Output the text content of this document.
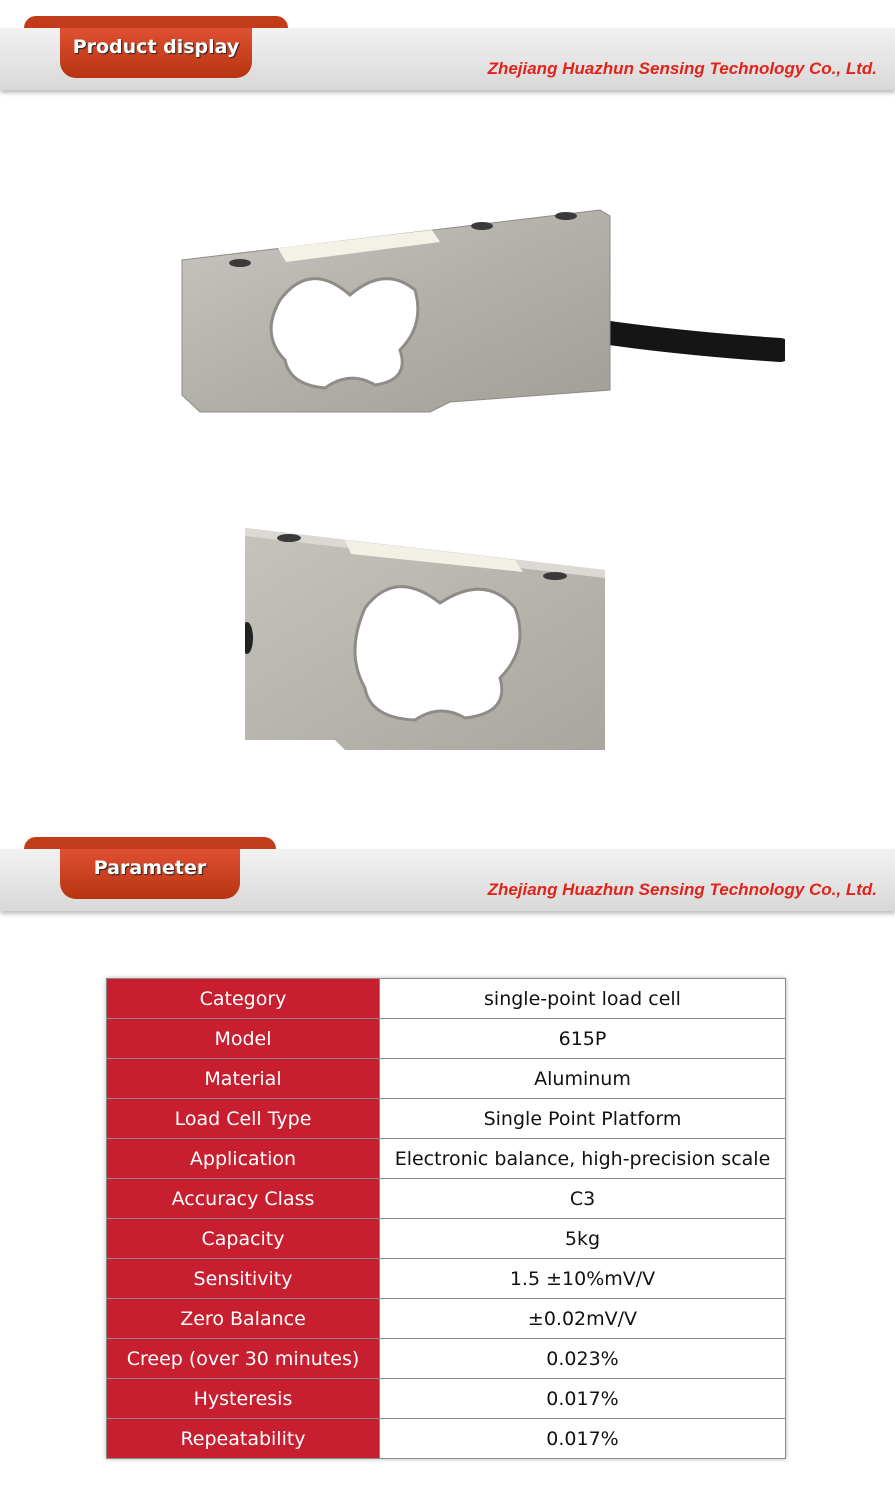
Product display
Zhejiang Huazhun Sensing Technology Co., Ltd.
Parameter
Zhejiang Huazhun Sensing Technology Co., Ltd.
Category	single-point load cell
Model	615P
Material	Aluminum
Load Cell Type	Single Point Platform
Application	Electronic balance, high-precision scale
Accuracy Class	C3
Capacity	5kg
Sensitivity	1.5 ±10%mV/V
Zero Balance	±0.02mV/V
Creep (over 30 minutes)	0.023%
Hysteresis	0.017%
Repeatability	0.017%
